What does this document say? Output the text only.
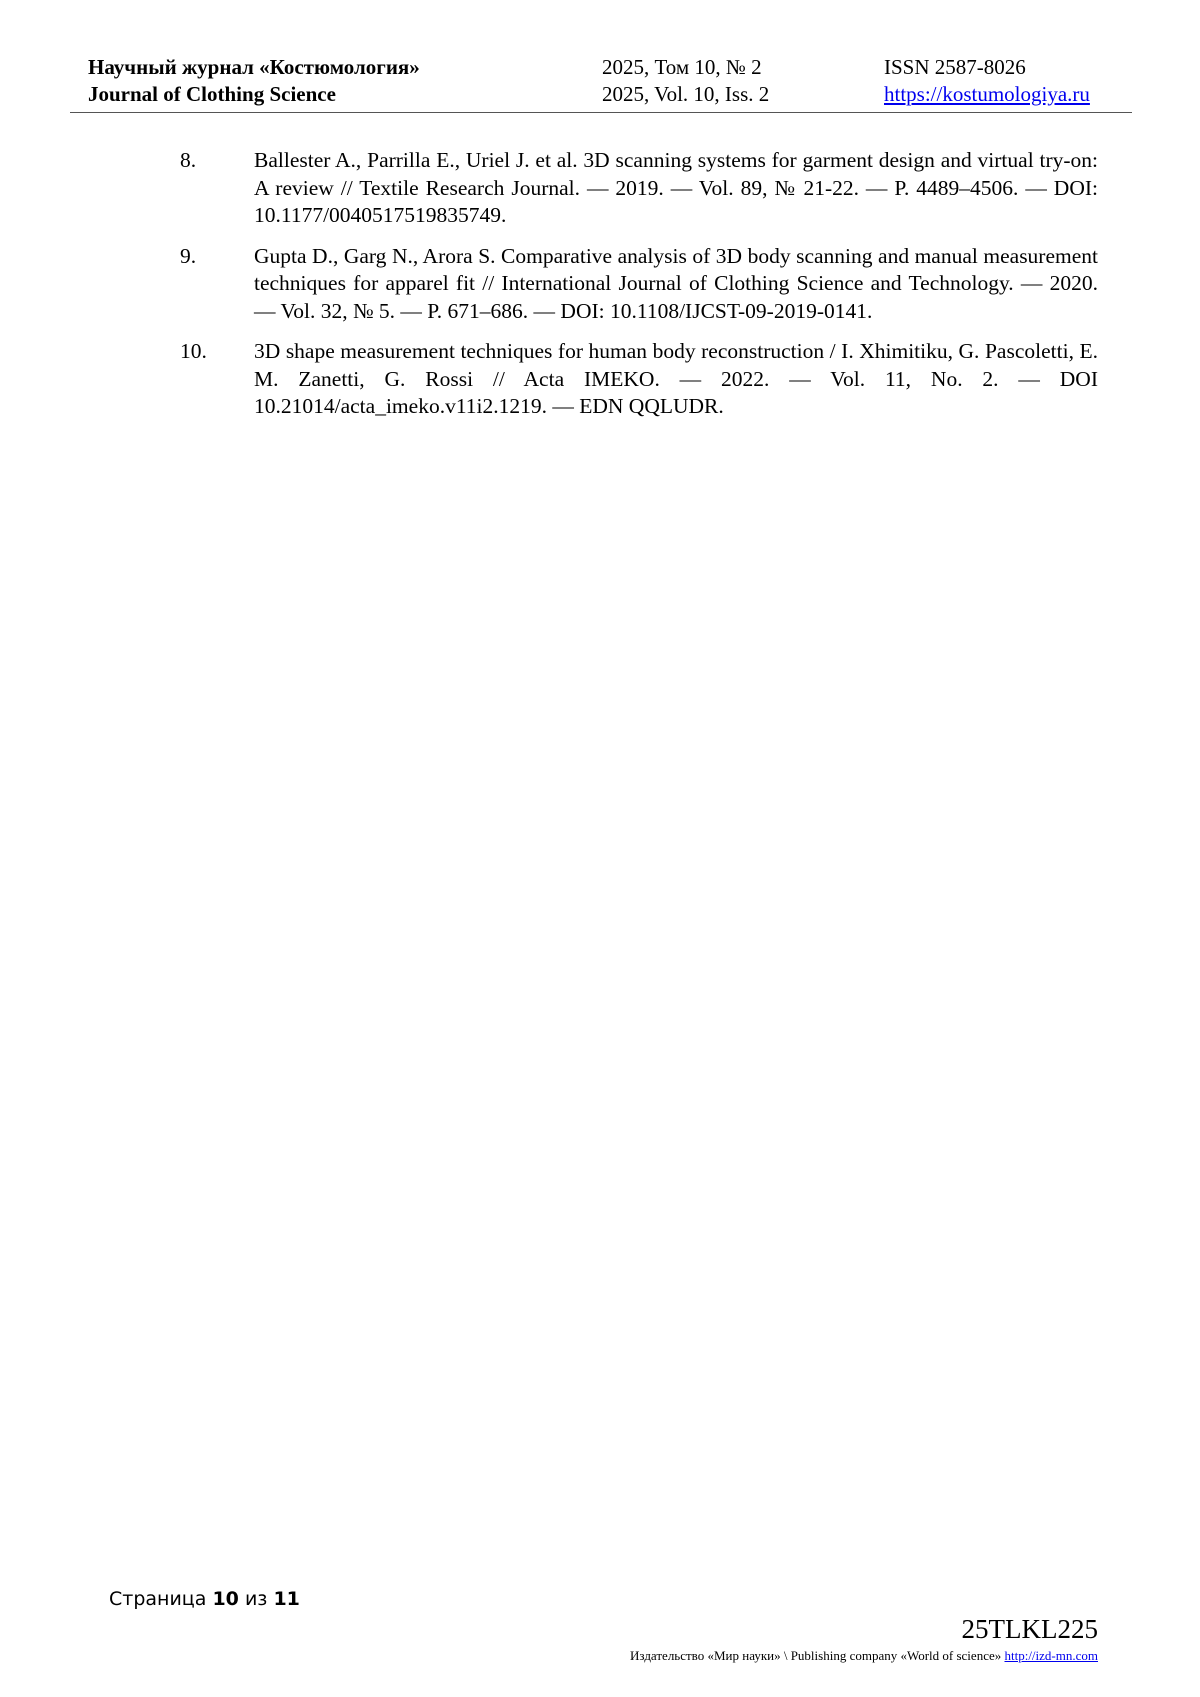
Научный журнал «Костюмология»
Journal of Clothing Science
2025, Том 10, № 2
2025, Vol. 10, Iss. 2
ISSN 2587-8026
https://kostumologiya.ru
8.	Ballester A., Parrilla E., Uriel J. et al. 3D scanning systems for garment design and virtual try-on: A review // Textile Research Journal. — 2019. — Vol. 89, № 21-22. — P. 4489–4506. — DOI: 10.1177/0040517519835749.
9.	Gupta D., Garg N., Arora S. Comparative analysis of 3D body scanning and manual measurement techniques for apparel fit // International Journal of Clothing Science and Technology. — 2020. — Vol. 32, № 5. — P. 671–686. — DOI: 10.1108/IJCST-09-2019-0141.
10. 3D shape measurement techniques for human body reconstruction / I. Xhimitiku, G. Pascoletti, E. M. Zanetti, G. Rossi // Acta IMEKO. — 2022. — Vol. 11, No. 2. — DOI 10.21014/acta_imeko.v11i2.1219. — EDN QQLUDR.
Страница 10 из 11
25TLKL225
Издательство «Мир науки» \ Publishing company «World of science» http://izd-mn.com
